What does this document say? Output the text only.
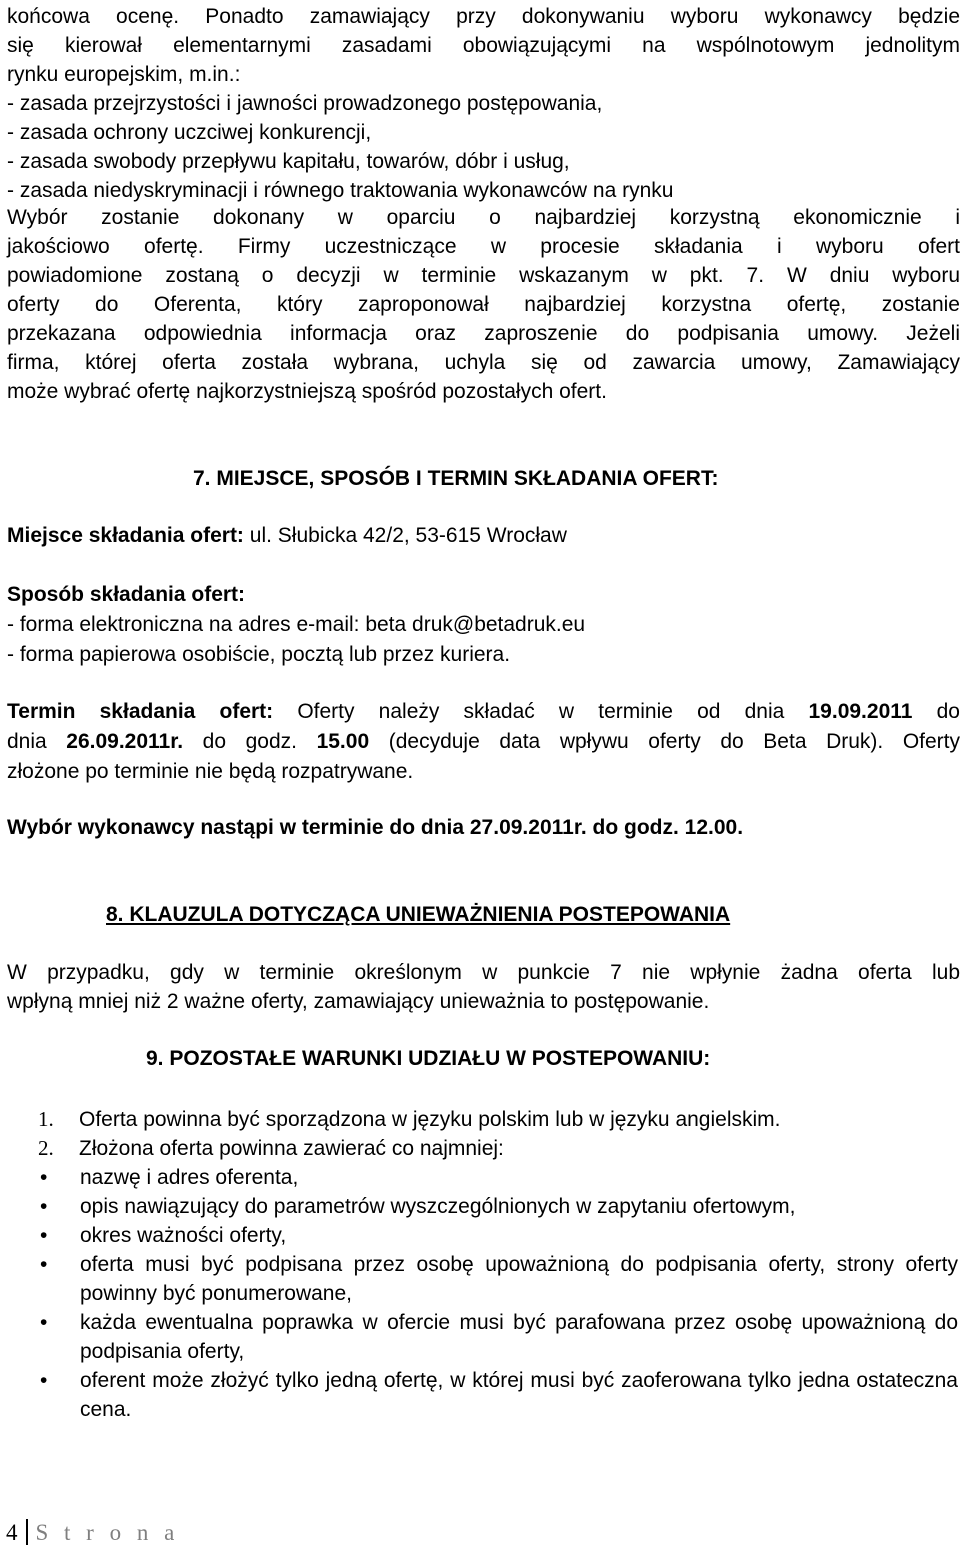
końcowa ocenę. Ponadto zamawiający przy dokonywaniu wyboru wykonawcy będzie
się kierował elementarnymi zasadami obowiązującymi na wspólnotowym jednolitym
rynku europejskim, m.in.:
- zasada przejrzystości i jawności prowadzonego postępowania,
- zasada ochrony uczciwej konkurencji,
- zasada swobody przepływu kapitału, towarów, dóbr i usług,
- zasada niedyskryminacji i równego traktowania wykonawców na rynku
Wybór zostanie dokonany w oparciu o najbardziej korzystną ekonomicznie i
jakościowo ofertę. Firmy uczestniczące w procesie składania i wyboru ofert
powiadomione zostaną o decyzji w terminie wskazanym w pkt. 7. W dniu wyboru
oferty do Oferenta, który zaproponował najbardziej korzystna ofertę, zostanie
przekazana odpowiednia informacja oraz zaproszenie do podpisania umowy. Jeżeli
firma, której oferta została wybrana, uchyla się od zawarcia umowy, Zamawiający
może wybrać ofertę najkorzystniejszą spośród pozostałych ofert.
7. MIEJSCE, SPOSÓB I TERMIN SKŁADANIA OFERT:
Miejsce składania ofert: ul. Słubicka 42/2, 53-615 Wrocław
Sposób składania ofert:
- forma elektroniczna na adres e-mail: beta druk@betadruk.eu
- forma papierowa osobiście, pocztą lub przez kuriera.
Termin składania ofert: Oferty należy składać w terminie od dnia 19.09.2011 do
dnia 26.09.2011r. do godz. 15.00 (decyduje data wpływu oferty do Beta Druk). Oferty
złożone po terminie nie będą rozpatrywane.
Wybór wykonawcy nastąpi w terminie do dnia 27.09.2011r. do godz. 12.00.
8. KLAUZULA DOTYCZĄCA UNIEWAŻNIENIA POSTEPOWANIA
W przypadku, gdy w terminie określonym w punkcie 7 nie wpłynie żadna oferta lub
wpłyną mniej niż 2 ważne oferty, zamawiający unieważnia to postępowanie.
9. POZOSTAŁE WARUNKI UDZIAŁU W POSTEPOWANIU:
1.	Oferta powinna być sporządzona w języku polskim lub w języku angielskim.
2.	Złożona oferta powinna zawierać co najmniej:
•	nazwę i adres oferenta,
•	opis nawiązujący do parametrów wyszczególnionych w zapytaniu ofertowym,
•	okres ważności oferty,
•	oferta musi być podpisana przez osobę upoważnioną do podpisania oferty, strony oferty powinny być ponumerowane,
•	każda ewentualna poprawka w ofercie musi być parafowana przez osobę upoważnioną do podpisania oferty,
•	oferent może złożyć tylko jedną ofertę, w której musi być zaoferowana tylko jedna ostateczna cena.
4 S t r o n a
